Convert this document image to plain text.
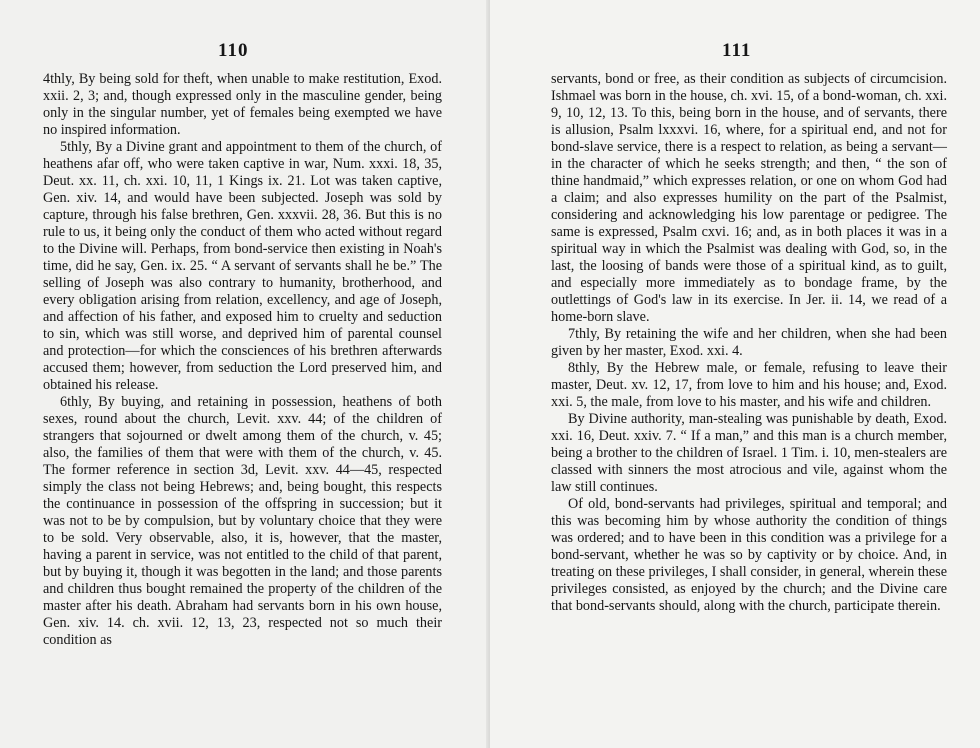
110

4thly, By being sold for theft, when unable to make restitution, Exod. xxii. 2, 3; and, though expressed only in the masculine gender, being only in the singular number, yet of females being exempted we have no inspired information.

5thly, By a Divine grant and appointment to them of the church, of heathens afar off, who were taken captive in war, Num. xxxi. 18, 35, Deut. xx. 11, ch. xxi. 10, 11, 1 Kings ix. 21. Lot was taken captive, Gen. xiv. 14, and would have been subjected. Joseph was sold by capture, through his false brethren, Gen. xxxvii. 28, 36. But this is no rule to us, it being only the conduct of them who acted without regard to the Divine will. Perhaps, from bond-service then existing in Noah's time, did he say, Gen. ix. 25. “ A servant of servants shall he be.” The selling of Joseph was also contrary to humanity, brotherhood, and every obligation arising from relation, excellency, and age of Joseph, and affection of his father, and exposed him to cruelty and seduction to sin, which was still worse, and deprived him of parental counsel and protection—for which the consciences of his brethren afterwards accused them; however, from seduction the Lord preserved him, and obtained his release.

6thly, By buying, and retaining in possession, heathens of both sexes, round about the church, Levit. xxv. 44; of the children of strangers that sojourned or dwelt among them of the church, v. 45; also, the families of them that were with them of the church, v. 45. The former reference in section 3d, Levit. xxv. 44—45, respected simply the class not being Hebrews; and, being bought, this respects the continuance in possession of the offspring in succession; but it was not to be by compulsion, but by voluntary choice that they were to be sold. Very observable, also, it is, however, that the master, having a parent in service, was not entitled to the child of that parent, but by buying it, though it was begotten in the land; and those parents and children thus bought remained the property of the children of the master after his death. Abraham had servants born in his own house, Gen. xiv. 14. ch. xvii. 12, 13, 23, respected not so much their condition as

111

servants, bond or free, as their condition as subjects of circumcision. Ishmael was born in the house, ch. xvi. 15, of a bond-woman, ch. xxi. 9, 10, 12, 13. To this, being born in the house, and of servants, there is allusion, Psalm lxxxvi. 16, where, for a spiritual end, and not for bond-slave service, there is a respect to relation, as being a servant—in the character of which he seeks strength; and then, “ the son of thine handmaid,” which expresses relation, or one on whom God had a claim; and also expresses humility on the part of the Psalmist, considering and acknowledging his low parentage or pedigree. The same is expressed, Psalm cxvi. 16; and, as in both places it was in a spiritual way in which the Psalmist was dealing with God, so, in the last, the loosing of bands were those of a spiritual kind, as to guilt, and especially more immediately as to bondage frame, by the outlettings of God's law in its exercise. In Jer. ii. 14, we read of a home-born slave.

7thly, By retaining the wife and her children, when she had been given by her master, Exod. xxi. 4.

8thly, By the Hebrew male, or female, refusing to leave their master, Deut. xv. 12, 17, from love to him and his house; and, Exod. xxi. 5, the male, from love to his master, and his wife and children.

By Divine authority, man-stealing was punishable by death, Exod. xxi. 16, Deut. xxiv. 7. “ If a man,” and this man is a church member, being a brother to the children of Israel. 1 Tim. i. 10, men-stealers are classed with sinners the most atrocious and vile, against whom the law still continues.

Of old, bond-servants had privileges, spiritual and temporal; and this was becoming him by whose authority the condition of things was ordered; and to have been in this condition was a privilege for a bond-servant, whether he was so by captivity or by choice. And, in treating on these privileges, I shall consider, in general, wherein these privileges consisted, as enjoyed by the church; and the Divine care that bond-servants should, along with the church, participate therein.
